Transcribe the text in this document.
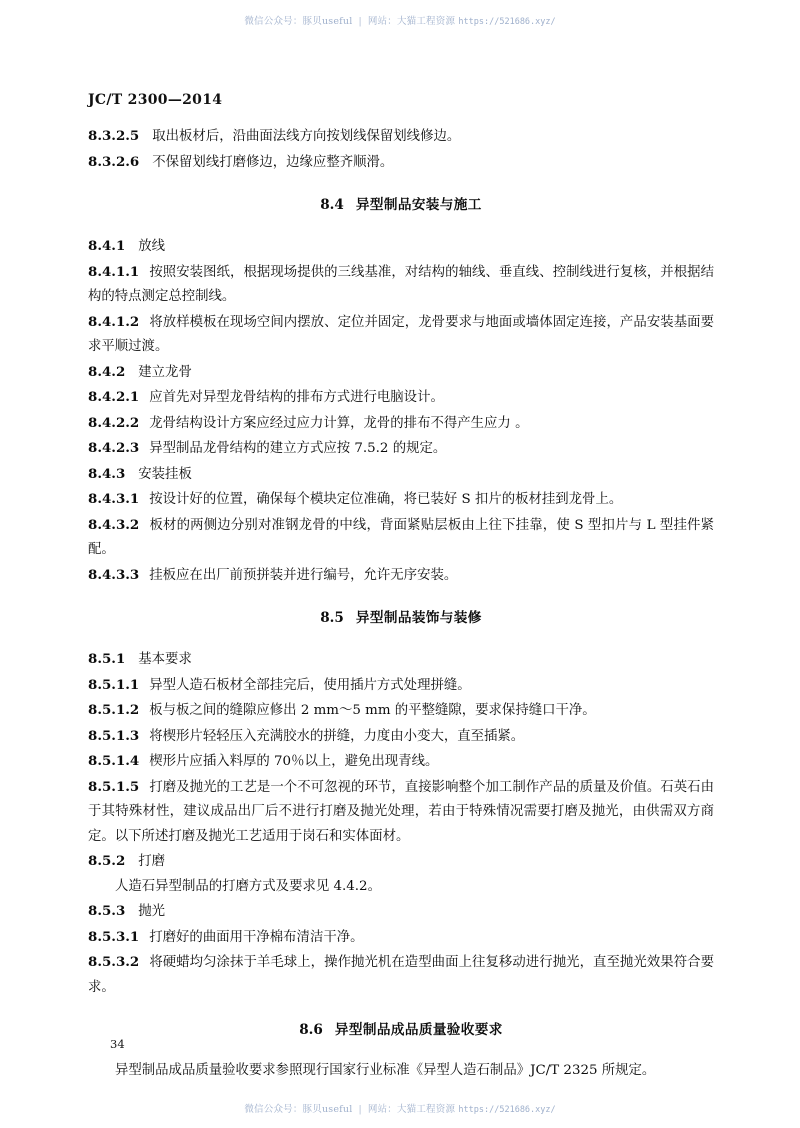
微信公众号：豚贝useful | 网站：大猫工程资源 https://521686.xyz/
JC/T 2300—2014

8.3.2.5 取出板材后，沿曲面法线方向按划线保留划线修边。

8.3.2.6 不保留划线打磨修边，边缘应整齐顺滑。

8.4 异型制品安装与施工

8.4.1 放线

8.4.1.1 按照安装图纸，根据现场提供的三线基准，对结构的轴线、垂直线、控制线进行复核，并根据结构的特点测定总控制线。

8.4.1.2 将放样模板在现场空间内摆放、定位并固定，龙骨要求与地面或墙体固定连接，产品安装基面要求平顺过渡。

8.4.2 建立龙骨

8.4.2.1 应首先对异型龙骨结构的排布方式进行电脑设计。

8.4.2.2 龙骨结构设计方案应经过应力计算，龙骨的排布不得产生应力 。

8.4.2.3 异型制品龙骨结构的建立方式应按 7.5.2 的规定。

8.4.3 安装挂板

8.4.3.1 按设计好的位置，确保每个模块定位准确，将已装好 S 扣片的板材挂到龙骨上。

8.4.3.2 板材的两侧边分别对准钢龙骨的中线，背面紧贴层板由上往下挂靠，使 S 型扣片与 L 型挂件紧配。

8.4.3.3 挂板应在出厂前预拼装并进行编号，允许无序安装。

8.5 异型制品装饰与装修

8.5.1 基本要求

8.5.1.1 异型人造石板材全部挂完后，使用插片方式处理拼缝。

8.5.1.2 板与板之间的缝隙应修出 2 mm～5 mm 的平整缝隙，要求保持缝口干净。

8.5.1.3 将楔形片轻轻压入充满胶水的拼缝，力度由小变大，直至插紧。

8.5.1.4 楔形片应插入料厚的 70％以上，避免出现青线。

8.5.1.5 打磨及抛光的工艺是一个不可忽视的环节，直接影响整个加工制作产品的质量及价值。石英石由于其特殊材性，建议成品出厂后不进行打磨及抛光处理，若由于特殊情况需要打磨及抛光，由供需双方商定。以下所述打磨及抛光工艺适用于岗石和实体面材。

8.5.2 打磨

人造石异型制品的打磨方式及要求见 4.4.2。

8.5.3 抛光

8.5.3.1 打磨好的曲面用干净棉布清洁干净。

8.5.3.2 将硬蜡均匀涂抹于羊毛球上，操作抛光机在造型曲面上往复移动进行抛光，直至抛光效果符合要求。

8.6 异型制品成品质量验收要求

异型制品成品质量验收要求参照现行国家行业标准《异型人造石制品》JC/T 2325 所规定。

34
微信公众号：豚贝useful | 网站：大猫工程资源 https://521686.xyz/
